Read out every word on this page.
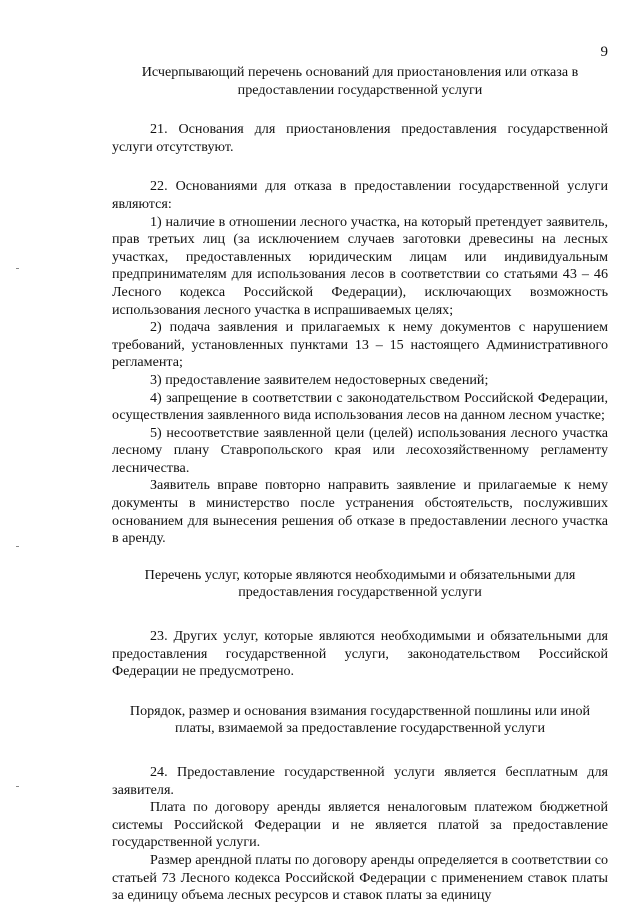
9

Исчерпывающий перечень оснований для приостановления или отказа в предоставлении государственной услуги

21. Основания для приостановления предоставления государственной услуги отсутствуют.

22. Основаниями для отказа в предоставлении государственной услуги являются:

1) наличие в отношении лесного участка, на который претендует заявитель, прав третьих лиц (за исключением случаев заготовки древесины на лесных участках, предоставленных юридическим лицам или индивидуальным предпринимателям для использования лесов в соответствии со статьями 43 – 46 Лесного кодекса Российской Федерации), исключающих возможность использования лесного участка в испрашиваемых целях;

2) подача заявления и прилагаемых к нему документов с нарушением требований, установленных пунктами 13 – 15 настоящего Административного регламента;

3) предоставление заявителем недостоверных сведений;

4) запрещение в соответствии с законодательством Российской Федерации, осуществления заявленного вида использования лесов на данном лесном участке;

5) несоответствие заявленной цели (целей) использования лесного участка лесному плану Ставропольского края или лесохозяйственному регламенту лесничества.

Заявитель вправе повторно направить заявление и прилагаемые к нему документы в министерство после устранения обстоятельств, послуживших основанием для вынесения решения об отказе в предоставлении лесного участка в аренду.

Перечень услуг, которые являются необходимыми и обязательными для предоставления государственной услуги

23. Других услуг, которые являются необходимыми и обязательными для предоставления государственной услуги, законодательством Российской Федерации не предусмотрено.

Порядок, размер и основания взимания государственной пошлины или иной платы, взимаемой за предоставление государственной услуги

24. Предоставление государственной услуги является бесплатным для заявителя.

Плата по договору аренды является неналоговым платежом бюджетной системы Российской Федерации и не является платой за предоставление государственной услуги.

Размер арендной платы по договору аренды определяется в соответствии со статьей 73 Лесного кодекса Российской Федерации с применением ставок платы за единицу объема лесных ресурсов и ставок платы за единицу
